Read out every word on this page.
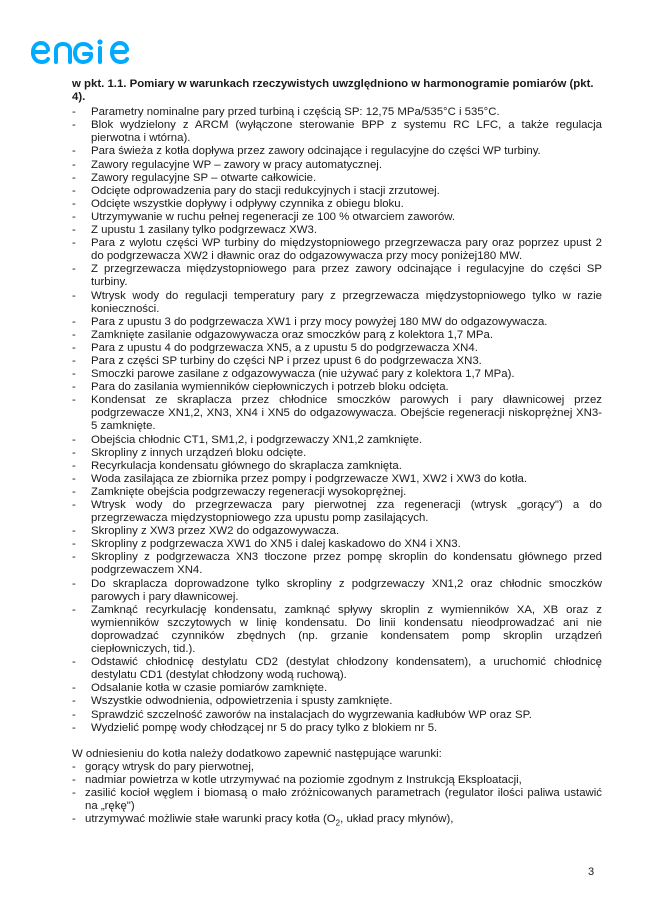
w pkt. 1.1. Pomiary w warunkach rzeczywistych uwzględniono w harmonogramie pomiarów (pkt. 4).

- Parametry nominalne pary przed turbiną i częścią SP: 12,75 MPa/535°C i 535°C.
- Blok wydzielony z ARCM (wyłączone sterowanie BPP z systemu RC LFC, a także regulacja pierwotna i wtórna).
- Para świeża z kotła dopływa przez zawory odcinające i regulacyjne do części WP turbiny.
- Zawory regulacyjne WP – zawory w pracy automatycznej.
- Zawory regulacyjne SP – otwarte całkowicie.
- Odcięte odprowadzenia pary do stacji redukcyjnych i stacji zrzutowej.
- Odcięte wszystkie dopływy i odpływy czynnika z obiegu bloku.
- Utrzymywanie w ruchu pełnej regeneracji ze 100 % otwarciem zaworów.
- Z upustu 1 zasilany tylko podgrzewacz XW3.
- Para z wylotu części WP turbiny do międzystopniowego przegrzewacza pary oraz poprzez upust 2 do podgrzewacza XW2 i dławnic oraz do odgazowywacza przy mocy poniżej180 MW.
- Z przegrzewacza międzystopniowego para przez zawory odcinające i regulacyjne do części SP turbiny.
- Wtrysk wody do regulacji temperatury pary z przegrzewacza międzystopniowego tylko w razie konieczności.
- Para z upustu 3 do podgrzewacza XW1 i przy mocy powyżej 180 MW do odgazowywacza.
- Zamknięte zasilanie odgazowywacza oraz smoczków parą z kolektora 1,7 MPa.
- Para z upustu 4 do podgrzewacza XN5, a z upustu 5 do podgrzewacza XN4.
- Para z części SP turbiny do części NP i przez upust 6 do podgrzewacza XN3.
- Smoczki parowe zasilane z odgazowywacza (nie używać pary z kolektora 1,7 MPa).
- Para do zasilania wymienników ciepłowniczych i potrzeb bloku odcięta.
- Kondensat ze skraplacza przez chłodnice smoczków parowych i pary dławnicowej przez podgrzewacze XN1,2, XN3, XN4 i XN5 do odgazowywacza. Obejście regeneracji niskoprężnej XN3-5 zamknięte.
- Obejścia chłodnic CT1, SM1,2, i podgrzewaczy XN1,2 zamknięte.
- Skropliny z innych urządzeń bloku odcięte.
- Recyrkulacja kondensatu głównego do skraplacza zamknięta.
- Woda zasilająca ze zbiornika przez pompy i podgrzewacze XW1, XW2 i XW3 do kotła.
- Zamknięte obejścia podgrzewaczy regeneracji wysokoprężnej.
- Wtrysk wody do przegrzewacza pary pierwotnej zza regeneracji (wtrysk „gorący") a do przegrzewacza międzystopniowego zza upustu pomp zasilających.
- Skropliny z XW3 przez XW2 do odgazowywacza.
- Skropliny z podgrzewacza XW1 do XN5 i dalej kaskadowo do XN4 i XN3.
- Skropliny z podgrzewacza XN3 tłoczone przez pompę skroplin do kondensatu głównego przed podgrzewaczem XN4.
- Do skraplacza doprowadzone tylko skropliny z podgrzewaczy XN1,2 oraz chłodnic smoczków parowych i pary dławnicowej.
- Zamknąć recyrkulację kondensatu, zamknąć spływy skroplin z wymienników XA, XB oraz z wymienników szczytowych w linię kondensatu. Do linii kondensatu nieodprowadzać ani nie doprowadzać czynników zbędnych (np. grzanie kondensatem pomp skroplin urządzeń ciepłowniczych, tid.).
- Odstawić chłodnicę destylatu CD2 (destylat chłodzony kondensatem), a uruchomić chłodnicę destylatu CD1 (destylat chłodzony wodą ruchową).
- Odsalanie kotła w czasie pomiarów zamknięte.
- Wszystkie odwodnienia, odpowietrzenia i spusty zamknięte.
- Sprawdzić szczelność zaworów na instalacjach do wygrzewania kadłubów WP oraz SP.
- Wydzielić pompę wody chłodzącej nr 5 do pracy tylko z blokiem nr 5.

W odniesieniu do kotła należy dodatkowo zapewnić następujące warunki:

- gorący wtrysk do pary pierwotnej,
- nadmiar powietrza w kotle utrzymywać na poziomie zgodnym z Instrukcją Eksploatacji,
- zasilić kocioł węglem i biomasą o mało zróżnicowanych parametrach (regulator ilości paliwa ustawić na „rękę")
- utrzymywać możliwie stałe warunki pracy kotła ($O_2$, układ pracy młynów),
3
